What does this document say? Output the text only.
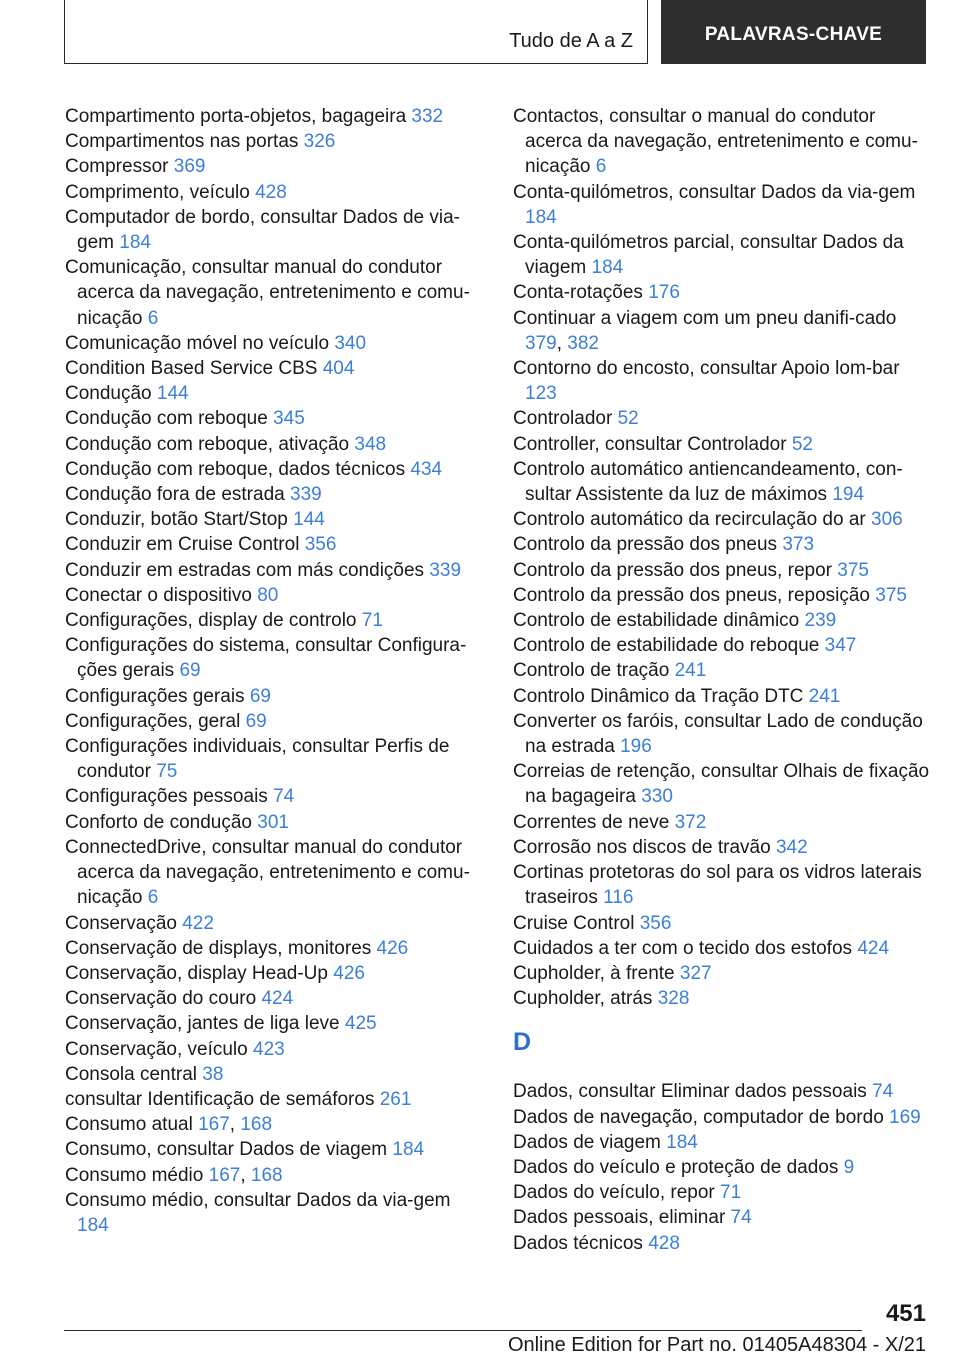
Tudo de A a Z	PALAVRAS-CHAVE
Compartimento porta-objetos, bagageira 332
Compartimentos nas portas 326
Compressor 369
Comprimento, veículo 428
Computador de bordo, consultar Dados de via-gem 184
Comunicação, consultar manual do condutor acerca da navegação, entretenimento e comu-nicação 6
Comunicação móvel no veículo 340
Condition Based Service CBS 404
Condução 144
Condução com reboque 345
Condução com reboque, ativação 348
Condução com reboque, dados técnicos 434
Condução fora de estrada 339
Conduzir, botão Start/Stop 144
Conduzir em Cruise Control 356
Conduzir em estradas com más condições 339
Conectar o dispositivo 80
Configurações, display de controlo 71
Configurações do sistema, consultar Configura-ções gerais 69
Configurações gerais 69
Configurações, geral 69
Configurações individuais, consultar Perfis de condutor 75
Configurações pessoais 74
Conforto de condução 301
ConnectedDrive, consultar manual do condutor acerca da navegação, entretenimento e comu-nicação 6
Conservação 422
Conservação de displays, monitores 426
Conservação, display Head-Up 426
Conservação do couro 424
Conservação, jantes de liga leve 425
Conservação, veículo 423
Consola central 38
consultar Identificação de semáforos 261
Consumo atual 167, 168
Consumo, consultar Dados de viagem 184
Consumo médio 167, 168
Consumo médio, consultar Dados da via-gem 184
Contactos, consultar o manual do condutor acerca da navegação, entretenimento e comu-nicação 6
Conta-quilómetros, consultar Dados da via-gem 184
Conta-quilómetros parcial, consultar Dados da viagem 184
Conta-rotações 176
Continuar a viagem com um pneu danifi-cado 379, 382
Contorno do encosto, consultar Apoio lom-bar 123
Controlador 52
Controller, consultar Controlador 52
Controlo automático antiencandeamento, con-sultar Assistente da luz de máximos 194
Controlo automático da recirculação do ar 306
Controlo da pressão dos pneus 373
Controlo da pressão dos pneus, repor 375
Controlo da pressão dos pneus, reposição 375
Controlo de estabilidade dinâmico 239
Controlo de estabilidade do reboque 347
Controlo de tração 241
Controlo Dinâmico da Tração DTC 241
Converter os faróis, consultar Lado de condução na estrada 196
Correias de retenção, consultar Olhais de fixação na bagageira 330
Correntes de neve 372
Corrosão nos discos de travão 342
Cortinas protetoras do sol para os vidros laterais traseiros 116
Cruise Control 356
Cuidados a ter com o tecido dos estofos 424
Cupholder, à frente 327
Cupholder, atrás 328
D
Dados, consultar Eliminar dados pessoais 74
Dados de navegação, computador de bordo 169
Dados de viagem 184
Dados do veículo e proteção de dados 9
Dados do veículo, repor 71
Dados pessoais, eliminar 74
Dados técnicos 428
451
Online Edition for Part no. 01405A48304 - X/21
